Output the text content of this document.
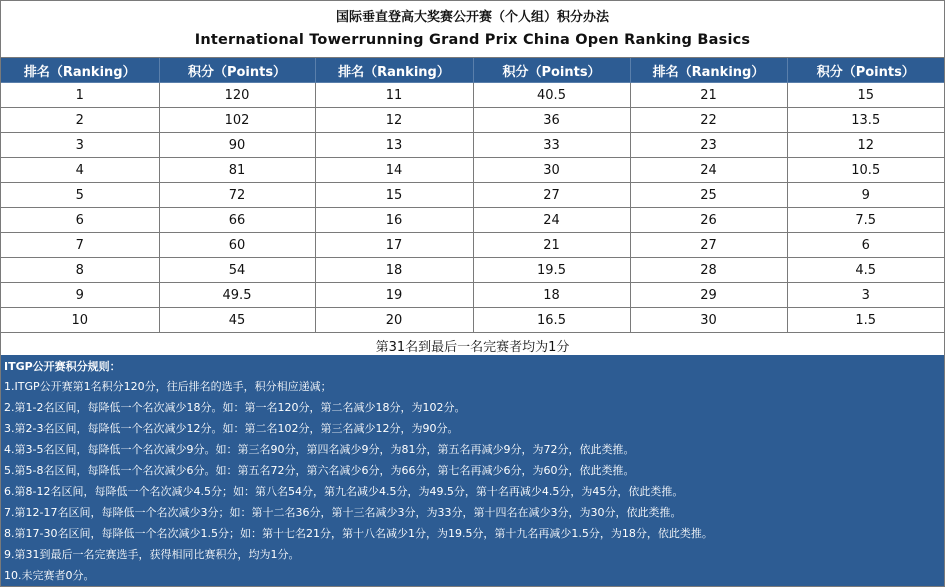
国际垂直登高大奖赛公开赛（个人组）积分办法
International Towerrunning Grand Prix China Open Ranking Basics
排名（Ranking）	积分（Points）	排名（Ranking）	积分（Points）	排名（Ranking）	积分（Points）
1	120	11	40.5	21	15
2	102	12	36	22	13.5
3	90	13	33	23	12
4	81	14	30	24	10.5
5	72	15	27	25	9
6	66	16	24	26	7.5
7	60	17	21	27	6
8	54	18	19.5	28	4.5
9	49.5	19	18	29	3
10	45	20	16.5	30	1.5
第31名到最后一名完赛者均为1分					
ITGP公开赛积分规则：
1.ITGP公开赛第1名积分120分，往后排名的选手，积分相应递减；
2.第1-2名区间，每降低一个名次减少18分。如：第一名120分，第二名减少18分，为102分。
3.第2-3名区间，每降低一个名次减少12分。如：第二名102分，第三名减少12分，为90分。
4.第3-5名区间，每降低一个名次减少9分。如：第三名90分，第四名减少9分，为81分，第五名再减少9分，为72分，依此类推。
5.第5-8名区间，每降低一个名次减少6分。如：第五名72分，第六名减少6分，为66分，第七名再减少6分，为60分，依此类推。
6.第8-12名区间，每降低一个名次减少4.5分；如：第八名54分，第九名减少4.5分，为49.5分，第十名再减少4.5分，为45分，依此类推。
7.第12-17名区间，每降低一个名次减少3分；如：第十二名36分，第十三名减少3分，为33分，第十四名在减少3分，为30分，依此类推。
8.第17-30名区间，每降低一个名次减少1.5分；如：第十七名21分，第十八名减少1分，为19.5分，第十九名再减少1.5分，为18分，依此类推。
9.第31到最后一名完赛选手，获得相同比赛积分，均为1分。
10.未完赛者0分。
